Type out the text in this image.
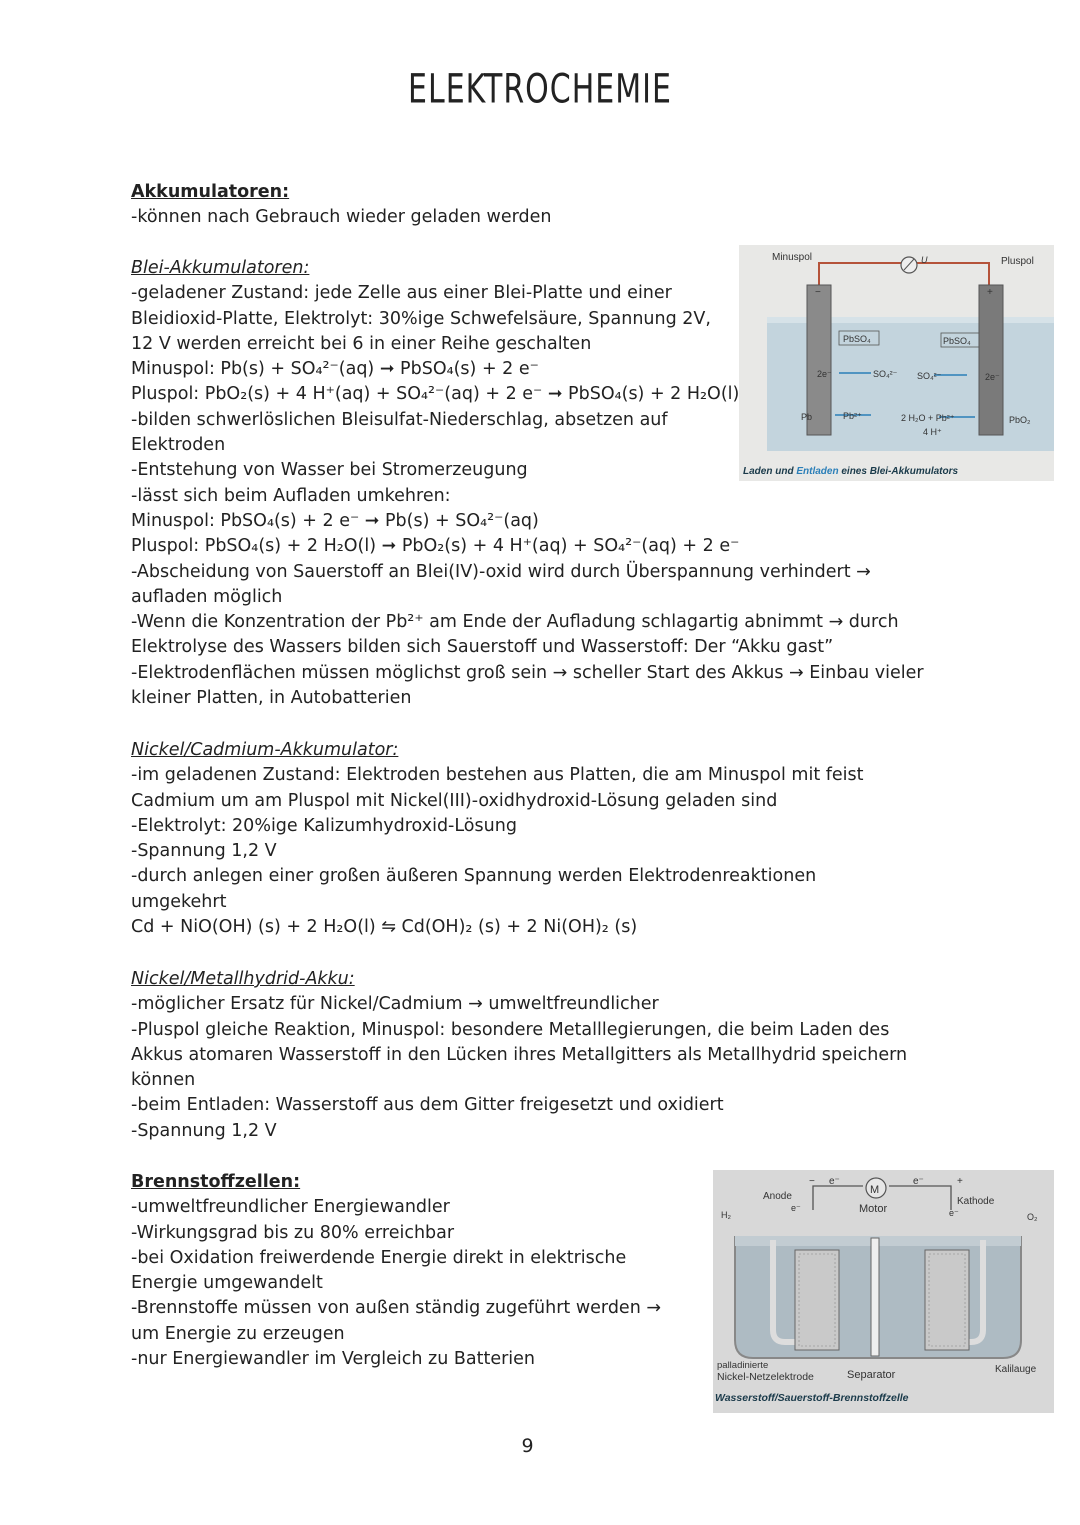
ELEKTROCHEMIE
Akkumulatoren:
-können nach Gebrauch wieder geladen werden
Blei-Akkumulatoren:
-geladener Zustand: jede Zelle aus einer Blei-Platte und einer
Bleidioxid-Platte, Elektrolyt: 30%ige Schwefelsäure, Spannung 2V,
12 V werden erreicht bei 6 in einer Reihe geschalten
Minuspol: Pb(s) + SO₄²⁻(aq) ➞ PbSO₄(s) + 2 e⁻
Pluspol: PbO₂(s) + 4 H⁺(aq) + SO₄²⁻(aq) + 2 e⁻ ➞ PbSO₄(s) + 2 H₂O(l)
-bilden schwerlöslichen Bleisulfat-Niederschlag, absetzen auf
Elektroden
-Entstehung von Wasser bei Stromerzeugung
-lässt sich beim Aufladen umkehren:
Minuspol: PbSO₄(s) + 2 e⁻ ➞ Pb(s) + SO₄²⁻(aq)
Pluspol: PbSO₄(s) + 2 H₂O(l) ➞ PbO₂(s) + 4 H⁺(aq) + SO₄²⁻(aq) + 2 e⁻
-Abscheidung von Sauerstoff an Blei(IV)-oxid wird durch Überspannung verhindert →
aufladen möglich
-Wenn die Konzentration der Pb²⁺ am Ende der Aufladung schlagartig abnimmt → durch
Elektrolyse des Wassers bilden sich Sauerstoff und Wasserstoff: Der “Akku gast”
-Elektrodenflächen müssen möglichst groß sein → scheller Start des Akkus → Einbau vieler
kleiner Platten, in Autobatterien
Nickel/Cadmium-Akkumulator:
-im geladenen Zustand: Elektroden bestehen aus Platten, die am Minuspol mit feist
Cadmium um am Pluspol mit Nickel(III)-oxidhydroxid-Lösung geladen sind
-Elektrolyt: 20%ige Kalizumhydroxid-Lösung
-Spannung 1,2 V
-durch anlegen einer großen äußeren Spannung werden Elektrodenreaktionen
umgekehrt
Cd + NiO(OH) (s) + 2 H₂O(l) ⇋ Cd(OH)₂ (s) + 2 Ni(OH)₂ (s)
Nickel/Metallhydrid-Akku:
-möglicher Ersatz für Nickel/Cadmium → umweltfreundlicher
-Pluspol gleiche Reaktion, Minuspol: besondere Metalllegierungen, die beim Laden des
Akkus atomaren Wasserstoff in den Lücken ihres Metallgitters als Metallhydrid speichern
können
-beim Entladen: Wasserstoff aus dem Gitter freigesetzt und oxidiert
-Spannung 1,2 V
Brennstoffzellen:
-umweltfreundlicher Energiewandler
-Wirkungsgrad bis zu 80% erreichbar
-bei Oxidation freiwerdende Energie direkt in elektrische
Energie umgewandelt
-Brennstoffe müssen von außen ständig zugeführt werden →
um Energie zu erzeugen
-nur Energiewandler im Vergleich zu Batterien
Minuspol	Pluspol
U
−	+
PbSO₄	PbSO₄
2e⁻	2e⁻
SO₄²⁻ SO₄²⁻
Pb	Pb²⁺	2 H₂O + Pb²⁺
4 H⁺
PbO₂
Laden und Entladen eines Blei-Akkumulators
M
Motor
e⁻	e⁻
−	+
Anode	Kathode
e⁻	e⁻
H₂	O₂
palladinierte
Nickel-Netzelektrode	Separator	Kalilauge
Wasserstoff/Sauerstoff-Brennstoffzelle
9
